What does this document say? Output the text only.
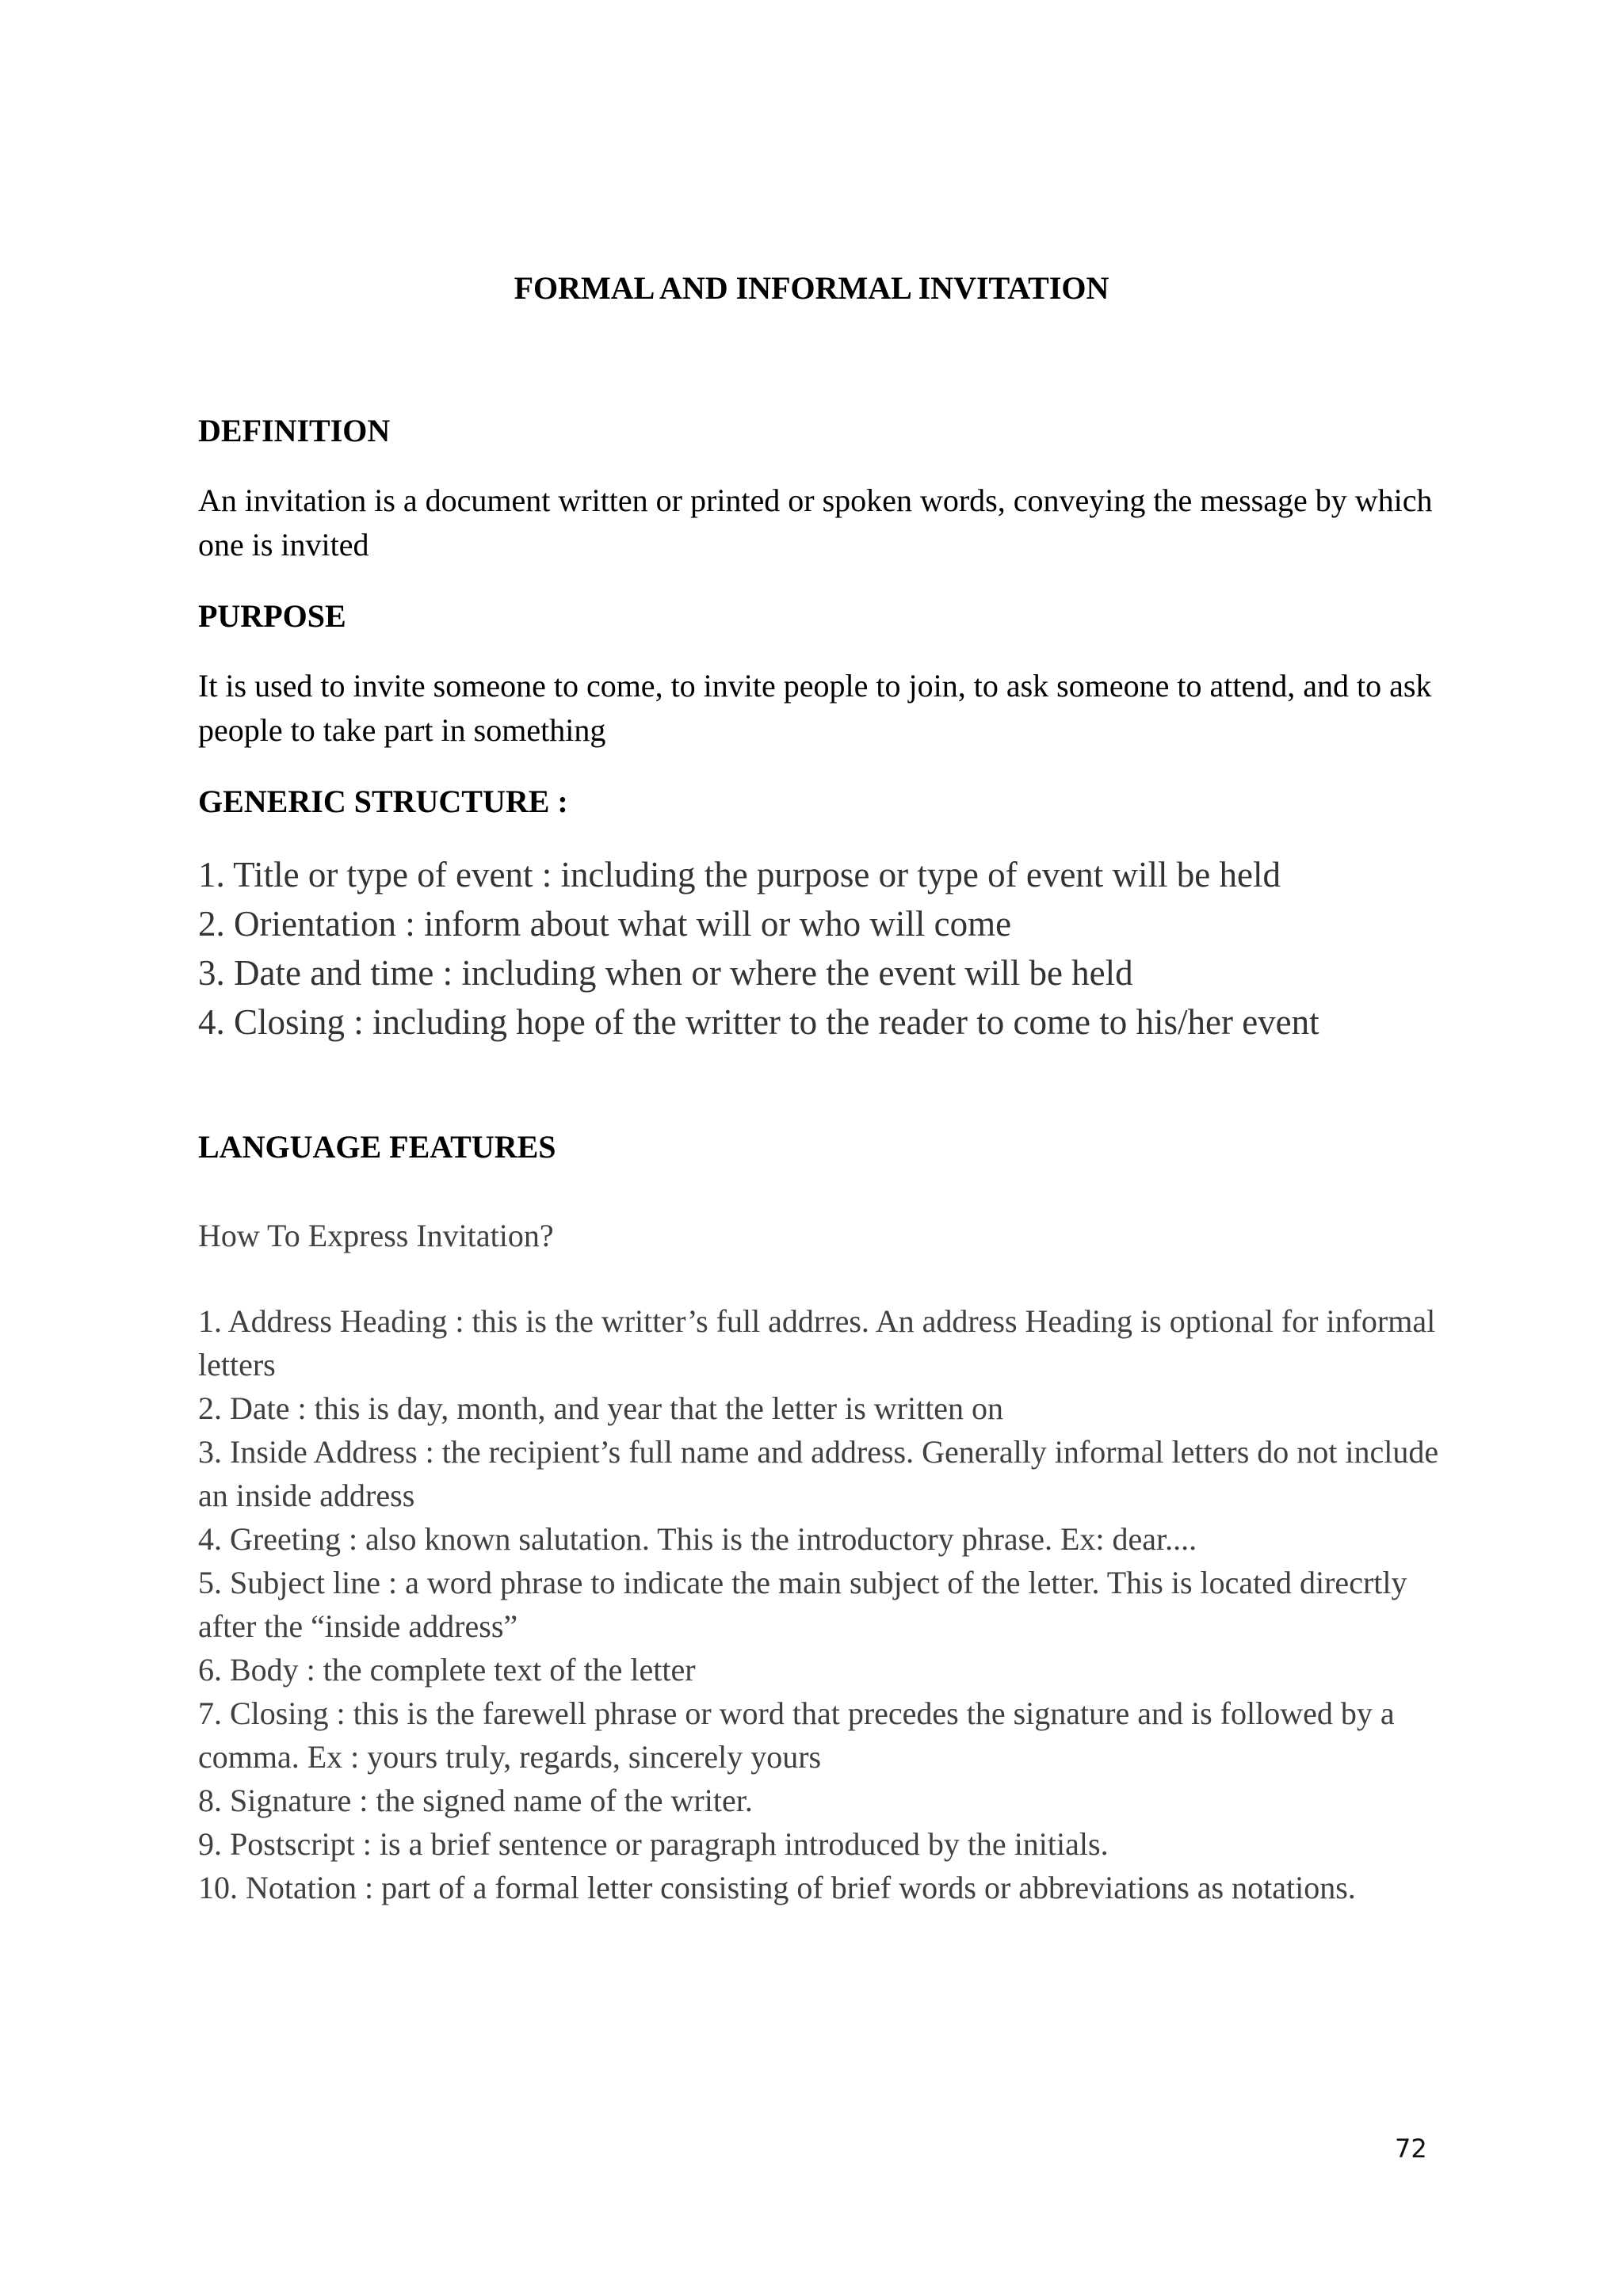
FORMAL AND INFORMAL INVITATION
DEFINITION
An invitation is a document written or printed or spoken words, conveying the message by which one is invited
PURPOSE
It is used to invite someone to come, to invite people to join, to ask someone to attend, and to ask people to take part in something
GENERIC STRUCTURE :
1. Title or type of event : including the purpose or type of event will be held
2. Orientation : inform about what will or who will come
3. Date and time : including when or where the event will be held
4. Closing : including hope of the writter to the reader to come to his/her event
LANGUAGE FEATURES
How To Express Invitation?
1. Address Heading : this is the writter’s full addrres. An address Heading is optional for informal letters
2. Date : this is day, month, and year that the letter is written on
3. Inside Address : the recipient’s full name and address. Generally informal letters do not include an inside address
4. Greeting : also known salutation. This is the introductory phrase. Ex: dear....
5. Subject line : a word phrase to indicate the main subject of the letter. This is located direcrtly after the “inside address”
6. Body : the complete text of the letter
7. Closing : this is the farewell phrase or word that precedes the signature and is followed by a comma. Ex : yours truly, regards, sincerely yours
8. Signature : the signed name of the writer.
9. Postscript : is a brief sentence or paragraph introduced by the initials.
10. Notation : part of a formal letter consisting of brief words or abbreviations as notations.
72
